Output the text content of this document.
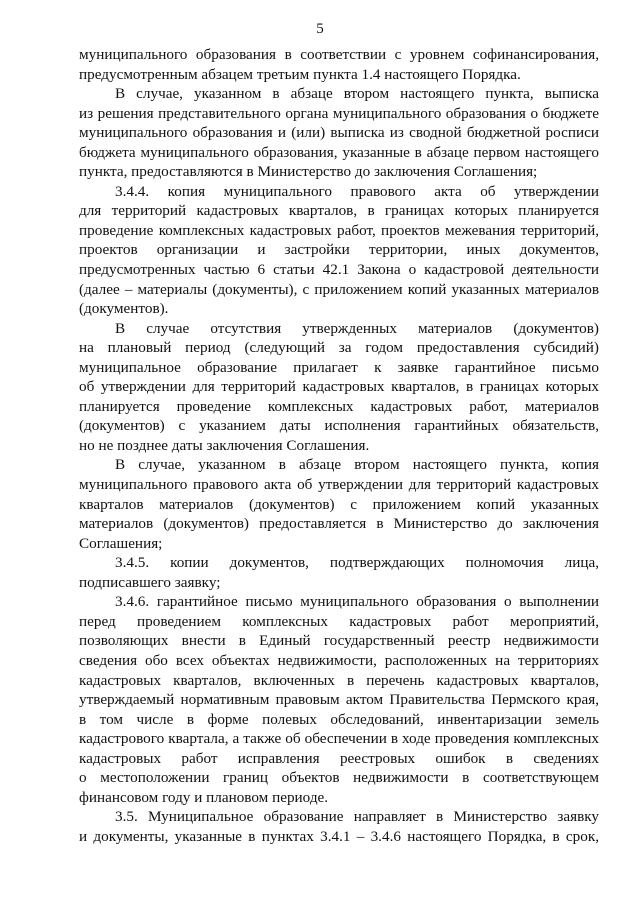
5
муниципального образования в соответствии с уровнем софинансирования,
предусмотренным абзацем третьим пункта 1.4 настоящего Порядка.
В случае, указанном в абзаце втором настоящего пункта, выписка
из решения представительного органа муниципального образования о бюджете
муниципального образования и (или) выписка из сводной бюджетной росписи
бюджета муниципального образования, указанные в абзаце первом настоящего
пункта, предоставляются в Министерство до заключения Соглашения;
3.4.4. копия муниципального правового акта об утверждении
для территорий кадастровых кварталов, в границах которых планируется
проведение комплексных кадастровых работ, проектов межевания территорий,
проектов организации и застройки территории, иных документов,
предусмотренных частью 6 статьи 42.1 Закона о кадастровой деятельности
(далее – материалы (документы), с приложением копий указанных материалов
(документов).
В случае отсутствия утвержденных материалов (документов)
на плановый период (следующий за годом предоставления субсидий)
муниципальное образование прилагает к заявке гарантийное письмо
об утверждении для территорий кадастровых кварталов, в границах которых
планируется проведение комплексных кадастровых работ, материалов
(документов) с указанием даты исполнения гарантийных обязательств,
но не позднее даты заключения Соглашения.
В случае, указанном в абзаце втором настоящего пункта, копия
муниципального правового акта об утверждении для территорий кадастровых
кварталов материалов (документов) с приложением копий указанных
материалов (документов) предоставляется в Министерство до заключения
Соглашения;
3.4.5. копии документов, подтверждающих полномочия лица,
подписавшего заявку;
3.4.6. гарантийное письмо муниципального образования о выполнении
перед проведением комплексных кадастровых работ мероприятий,
позволяющих внести в Единый государственный реестр недвижимости
сведения обо всех объектах недвижимости, расположенных на территориях
кадастровых кварталов, включенных в перечень кадастровых кварталов,
утверждаемый нормативным правовым актом Правительства Пермского края,
в том числе в форме полевых обследований, инвентаризации земель
кадастрового квартала, а также об обеспечении в ходе проведения комплексных
кадастровых работ исправления реестровых ошибок в сведениях
о местоположении границ объектов недвижимости в соответствующем
финансовом году и плановом периоде.
3.5. Муниципальное образование направляет в Министерство заявку
и документы, указанные в пунктах 3.4.1 – 3.4.6 настоящего Порядка, в срок,
